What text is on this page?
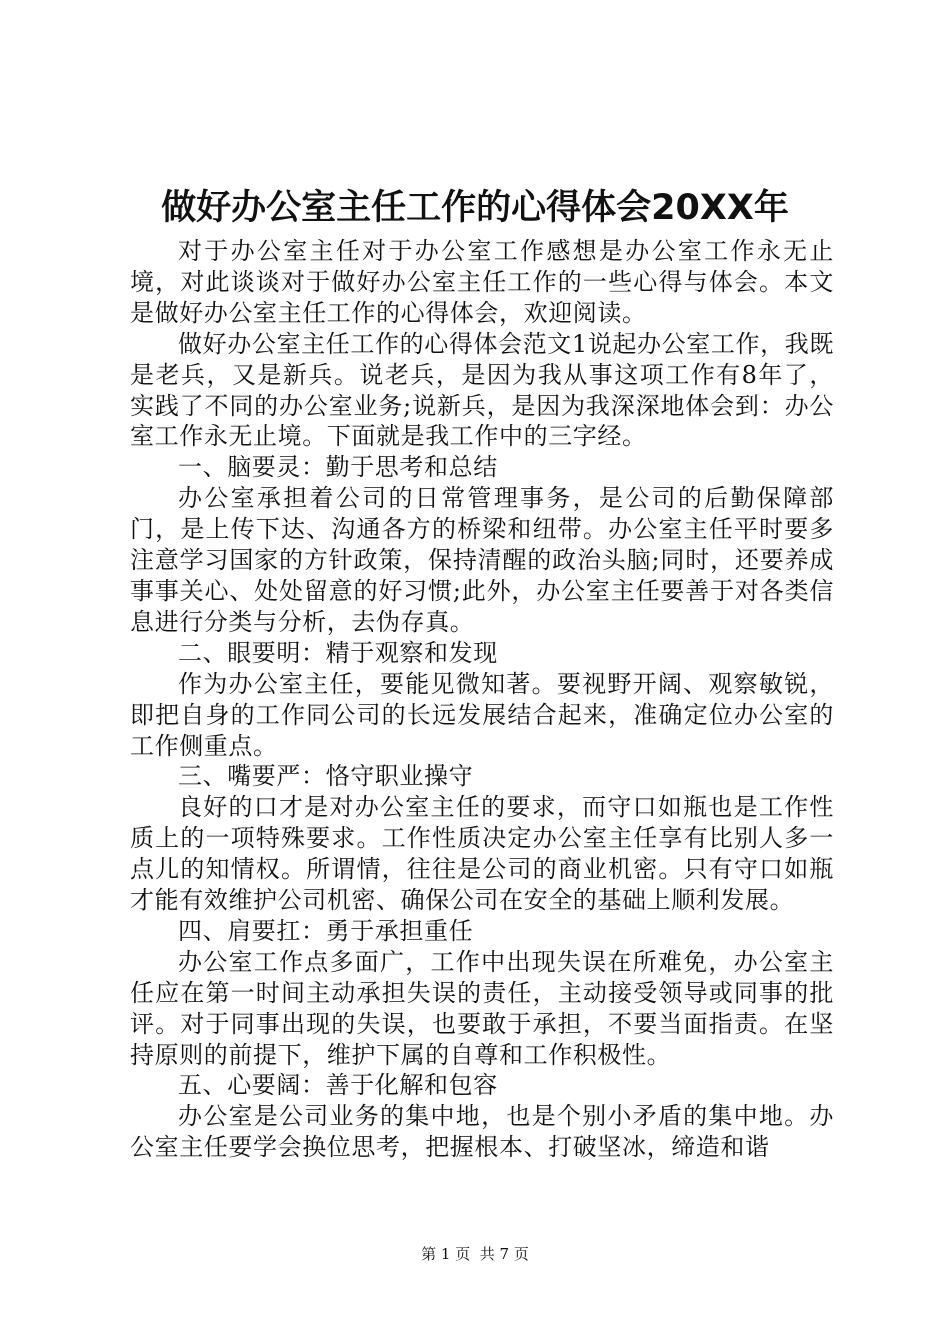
做好办公室主任工作的心得体会20XX年

对于办公室主任对于办公室工作感想是办公室工作永无止境，对此谈谈对于做好办公室主任工作的一些心得与体会。本文是做好办公室主任工作的心得体会，欢迎阅读。

做好办公室主任工作的心得体会范文1说起办公室工作，我既是老兵，又是新兵。说老兵，是因为我从事这项工作有8年了，实践了不同的办公室业务;说新兵，是因为我深深地体会到：办公室工作永无止境。下面就是我工作中的三字经。

一、脑要灵：勤于思考和总结

办公室承担着公司的日常管理事务，是公司的后勤保障部门，是上传下达、沟通各方的桥梁和纽带。办公室主任平时要多注意学习国家的方针政策，保持清醒的政治头脑;同时，还要养成事事关心、处处留意的好习惯;此外，办公室主任要善于对各类信息进行分类与分析，去伪存真。

二、眼要明：精于观察和发现

作为办公室主任，要能见微知著。要视野开阔、观察敏锐，即把自身的工作同公司的长远发展结合起来，准确定位办公室的工作侧重点。

三、嘴要严：恪守职业操守

良好的口才是对办公室主任的要求，而守口如瓶也是工作性质上的一项特殊要求。工作性质决定办公室主任享有比别人多一点儿的知情权。所谓情，往往是公司的商业机密。只有守口如瓶才能有效维护公司机密、确保公司在安全的基础上顺利发展。

四、肩要扛：勇于承担重任

办公室工作点多面广，工作中出现失误在所难免，办公室主任应在第一时间主动承担失误的责任，主动接受领导或同事的批评。对于同事出现的失误，也要敢于承担，不要当面指责。在坚持原则的前提下，维护下属的自尊和工作积极性。

五、心要阔：善于化解和包容

办公室是公司业务的集中地，也是个别小矛盾的集中地。办公室主任要学会换位思考，把握根本、打破坚冰，缔造和谐

第 1 页  共 7 页
